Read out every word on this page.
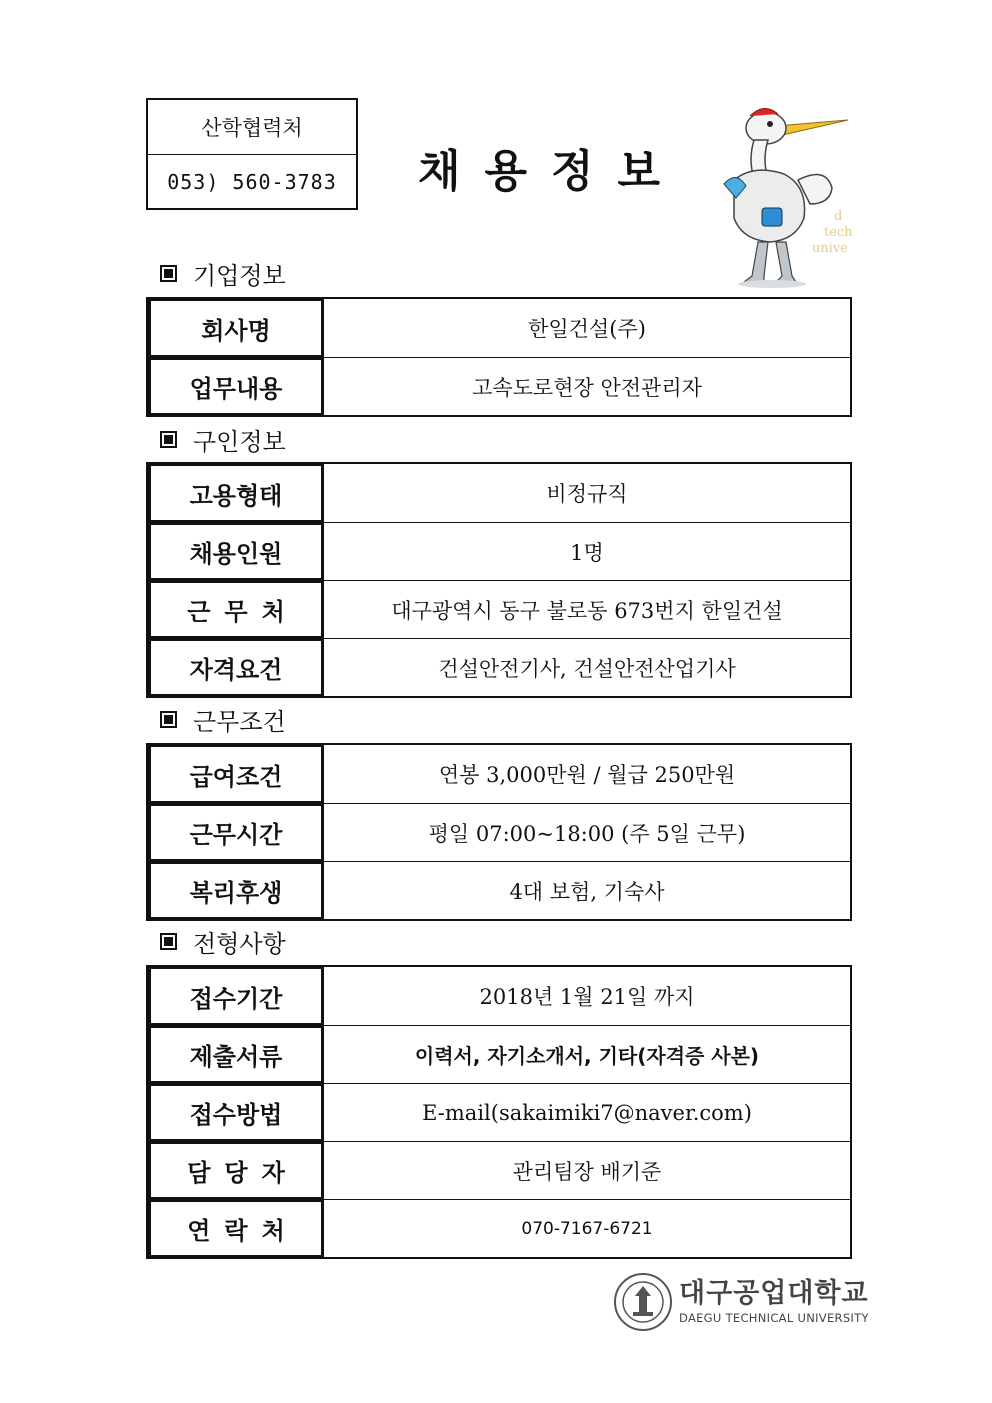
산학협력처
053) 560-3783	채용정보
d
tech
unive
기업정보
회사명	한일건설(주)
업무내용	고속도로현장 안전관리자
구인정보
고용형태	비정규직
채용인원	1명
근무처	대구광역시 동구 불로동 673번지 한일건설
자격요건	건설안전기사, 건설안전산업기사
근무조건
급여조건	연봉 3,000만원 / 월급 250만원
근무시간	평일 07:00~18:00 (주 5일 근무)
복리후생	4대 보험, 기숙사
전형사항
접수기간	2018년 1월 21일 까지
제출서류	이력서, 자기소개서, 기타(자격증 사본)
접수방법	E-mail(sakaimiki7@naver.com)
담당자	관리팀장 배기준
연락처	070-7167-6721
대구공업대학교
DAEGU TECHNICAL UNIVERSITY
